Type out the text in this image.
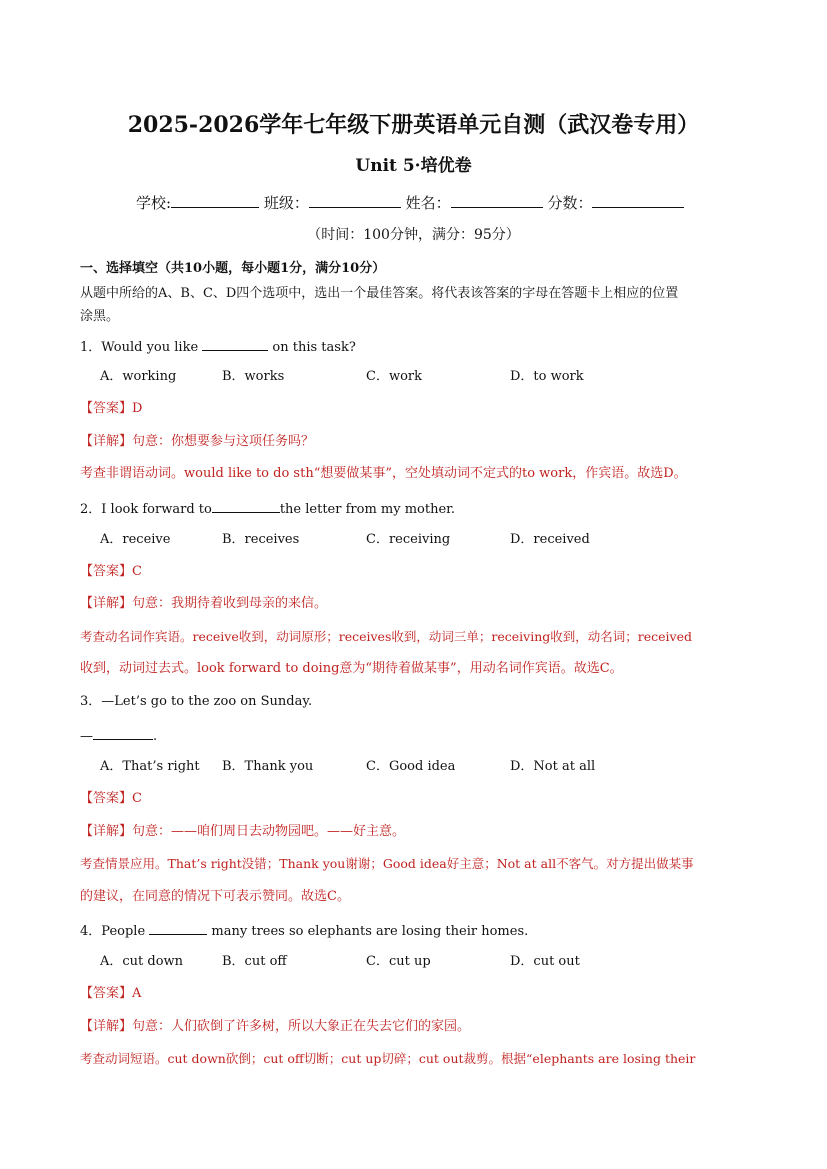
2025-2026学年七年级下册英语单元自测（武汉卷专用）
Unit 5·培优卷
学校:	班级：	姓名：	分数：
（时间：100分钟，满分：95分）
一、选择填空（共10小题，每小题1分，满分10分）
从题中所给的A、B、C、D四个选项中，选出一个最佳答案。将代表该答案的字母在答题卡上相应的位置
涂黑。
1．Would you like	on this task?
A．working	B．works	C．work	D．to work
【答案】D
【详解】句意：你想要参与这项任务吗？
考查非谓语动词。would like to do sth“想要做某事”，空处填动词不定式的to work，作宾语。故选D。
2．I look forward to	the letter from my mother.
A．receive	B．receives	C．receiving	D．received
【答案】C
【详解】句意：我期待着收到母亲的来信。
考查动名词作宾语。receive收到，动词原形；receives收到，动词三单；receiving收到，动名词；received
收到，动词过去式。look forward to doing意为“期待着做某事”，用动名词作宾语。故选C。
3．—Let’s go to the zoo on Sunday.
—	.
A．That’s right B．Thank you	C．Good idea	D．Not at all
【答案】C
【详解】句意：——咱们周日去动物园吧。——好主意。
考查情景应用。That’s right没错；Thank you谢谢；Good idea好主意；Not at all不客气。对方提出做某事
的建议，在同意的情况下可表示赞同。故选C。
4．People	many trees so elephants are losing their homes.
A．cut down	B．cut off	C．cut up	D．cut out
【答案】A
【详解】句意：人们砍倒了许多树，所以大象正在失去它们的家园。
考查动词短语。cut down砍倒；cut off切断；cut up切碎；cut out裁剪。根据“elephants are losing their
